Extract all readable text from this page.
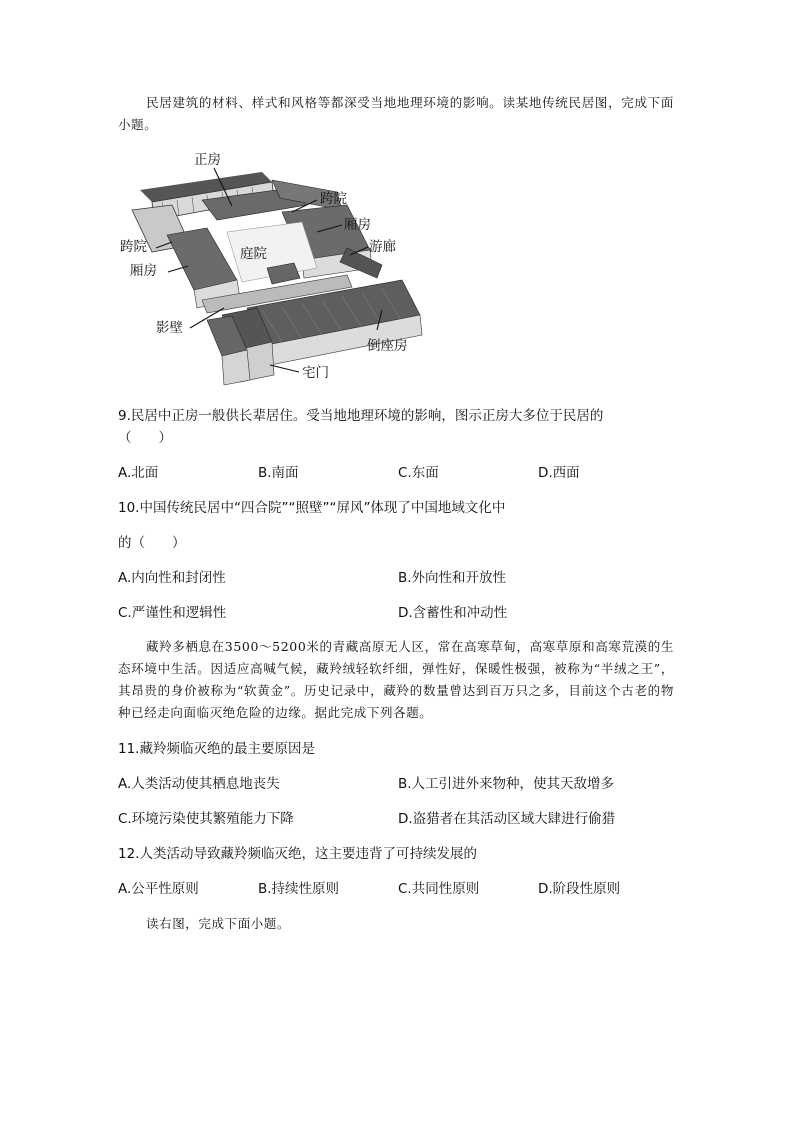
民居建筑的材料、样式和风格等都深受当地地理环境的影响。读某地传统民居图，完成下面小题。
正房
跨院
厢房
游廊
跨院	庭院
厢房
影壁
倒座房
宅门
9.民居中正房一般供长辈居住。受当地地理环境的影响，图示正房大多位于民居的
（　　）
A.北面	B.南面	C.东面	D.西面
10.中国传统民居中“四合院”“照壁”“屏风”体现了中国地域文化中
的（　　）
A.内向性和封闭性	B.外向性和开放性
C.严谨性和逻辑性	D.含蓄性和冲动性
藏羚多栖息在3500～5200米的青藏高原无人区，常在高寒草甸，高寒草原和高寒荒漠的生态环境中生活。因适应高喊气候，藏羚绒轻软纤细，弹性好，保暖性极强，被称为“半绒之王”，其昂贵的身价被称为“软黄金”。历史记录中，藏羚的数量曾达到百万只之多，目前这个古老的物种已经走向面临灭绝危险的边缘。据此完成下列各题。
11.藏羚频临灭绝的最主要原因是
A.人类活动使其栖息地丧失	B.人工引进外来物种，使其天敌增多
C.环境污染使其繁殖能力下降	D.盗猎者在其活动区域大肆进行偷猎
12.人类活动导致藏羚频临灭绝，这主要违背了可持续发展的
A.公平性原则	B.持续性原则	C.共同性原则	D.阶段性原则
读右图，完成下面小题。
